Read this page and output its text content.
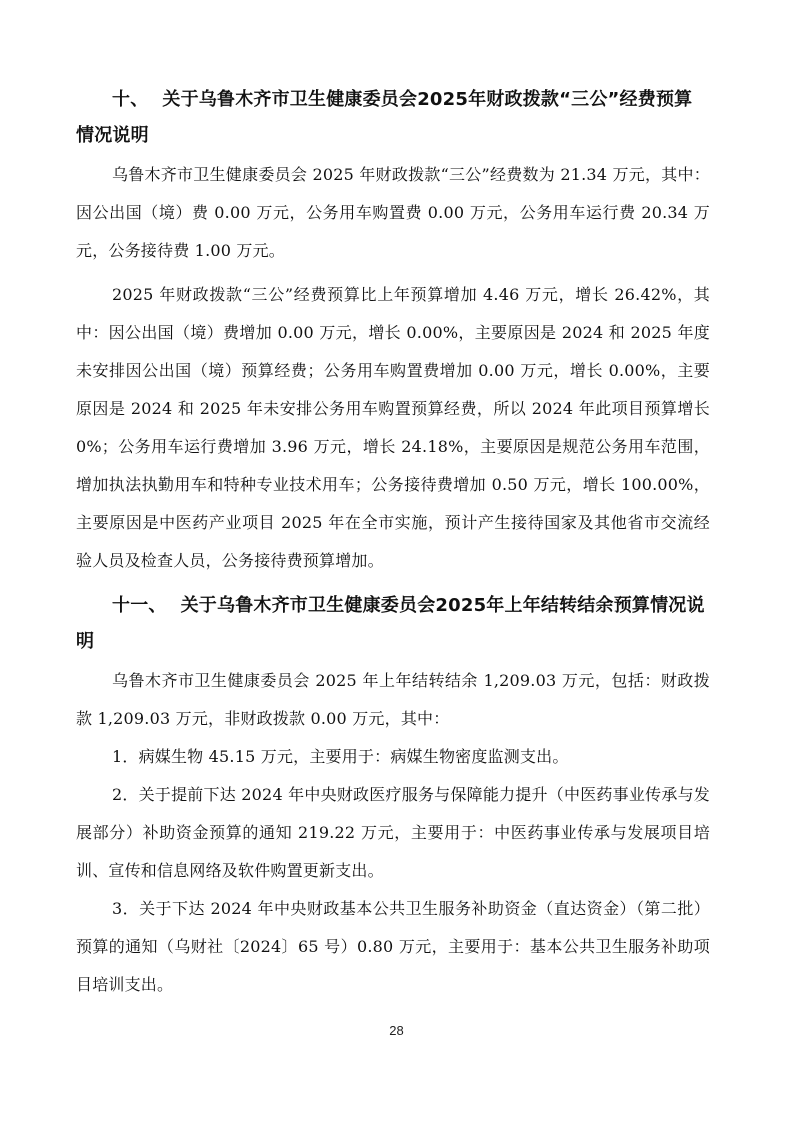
十、 关于乌鲁木齐市卫生健康委员会2025年财政拨款“三公”经费预算情况说明

乌鲁木齐市卫生健康委员会 2025 年财政拨款“三公”经费数为 21.34 万元，其中：因公出国（境）费 0.00 万元，公务用车购置费 0.00 万元，公务用车运行费 20.34 万元，公务接待费 1.00 万元。

2025 年财政拨款“三公”经费预算比上年预算增加 4.46 万元，增长 26.42%，其中：因公出国（境）费增加 0.00 万元，增长 0.00%，主要原因是 2024 和 2025 年度未安排因公出国（境）预算经费；公务用车购置费增加 0.00 万元，增长 0.00%，主要原因是 2024 和 2025 年未安排公务用车购置预算经费，所以 2024 年此项目预算增长 0%；公务用车运行费增加 3.96 万元，增长 24.18%，主要原因是规范公务用车范围，增加执法执勤用车和特种专业技术用车；公务接待费增加 0.50 万元，增长 100.00%，主要原因是中医药产业项目 2025 年在全市实施，预计产生接待国家及其他省市交流经验人员及检查人员，公务接待费预算增加。

十一、 关于乌鲁木齐市卫生健康委员会2025年上年结转结余预算情况说明

乌鲁木齐市卫生健康委员会 2025 年上年结转结余 1,209.03 万元，包括：财政拨款 1,209.03 万元，非财政拨款 0.00 万元，其中：

1．病媒生物 45.15 万元，主要用于：病媒生物密度监测支出。

2．关于提前下达 2024 年中央财政医疗服务与保障能力提升（中医药事业传承与发展部分）补助资金预算的通知 219.22 万元，主要用于：中医药事业传承与发展项目培训、宣传和信息网络及软件购置更新支出。

3．关于下达 2024 年中央财政基本公共卫生服务补助资金（直达资金）（第二批）预算的通知（乌财社〔2024〕65 号）0.80 万元，主要用于：基本公共卫生服务补助项目培训支出。

28
